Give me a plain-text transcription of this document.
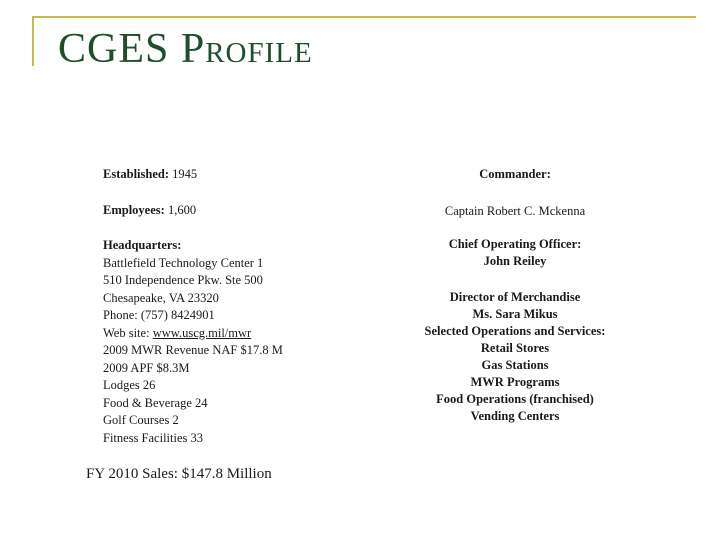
CGES Profile
Established: 1945
Employees: 1,600
Headquarters:
Battlefield Technology Center 1
510 Independence Pkw. Ste 500
Chesapeake, VA 23320
Phone: (757) 8424901
Web site: www.uscg.mil/mwr
2009 MWR Revenue NAF $17.8 M
2009 APF $8.3M
Lodges 26
Food & Beverage 24
Golf Courses 2
Fitness Facilities 33
Commander:
Captain Robert C. Mckenna
Chief Operating Officer:
John Reiley
Director of Merchandise
Ms. Sara Mikus
Selected Operations and Services:
Retail Stores
Gas Stations
MWR Programs
Food Operations (franchised)
Vending Centers
FY 2010 Sales: $147.8 Million
